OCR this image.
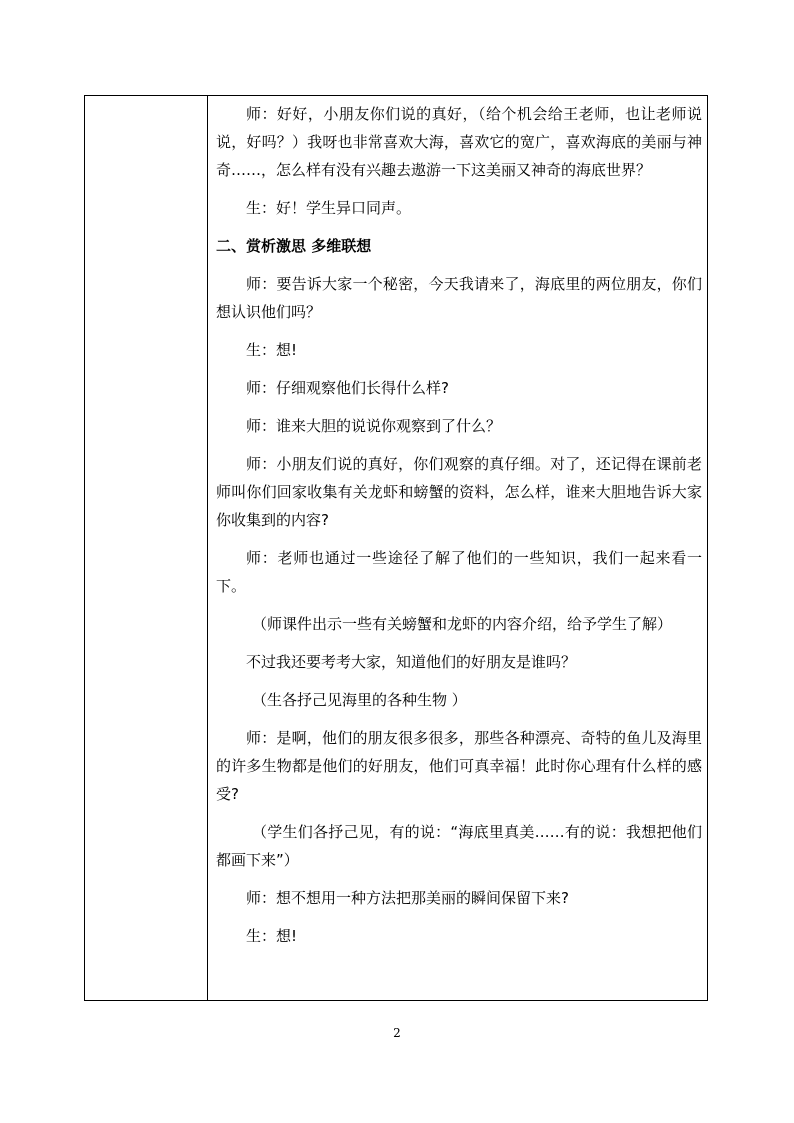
师：好好，小朋友你们说的真好，（给个机会给王老师，也让老师说说，好吗？）我呀也非常喜欢大海，喜欢它的宽广，喜欢海底的美丽与神奇……，怎么样有没有兴趣去遨游一下这美丽又神奇的海底世界？

生：好！学生异口同声。

二、赏析激思 多维联想

师：要告诉大家一个秘密，今天我请来了，海底里的两位朋友，你们想认识他们吗？

生：想!

师：仔细观察他们长得什么样?

师：谁来大胆的说说你观察到了什么？

师：小朋友们说的真好，你们观察的真仔细。对了，还记得在课前老师叫你们回家收集有关龙虾和螃蟹的资料，怎么样，谁来大胆地告诉大家你收集到的内容?

师：老师也通过一些途径了解了他们的一些知识，我们一起来看一下。

（师课件出示一些有关螃蟹和龙虾的内容介绍，给予学生了解）

不过我还要考考大家，知道他们的好朋友是谁吗？

（生各抒己见海里的各种生物 ）

师：是啊，他们的朋友很多很多，那些各种漂亮、奇特的鱼儿及海里的许多生物都是他们的好朋友，他们可真幸福！此时你心理有什么样的感受?

（学生们各抒己见，有的说：“海底里真美……有的说：我想把他们都画下来”）

师：想不想用一种方法把那美丽的瞬间保留下来?

生：想!

2
